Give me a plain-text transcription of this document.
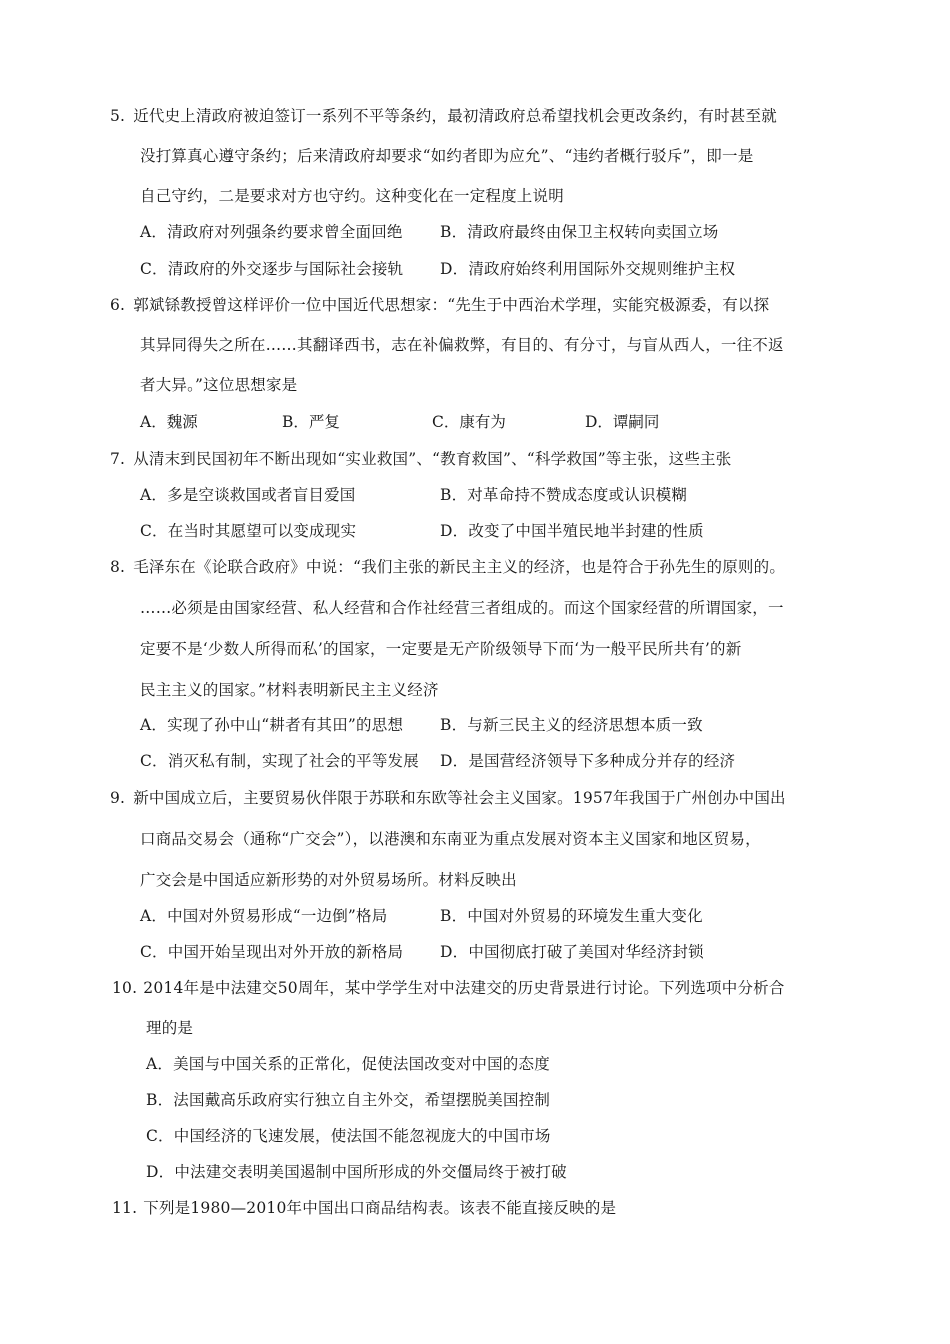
5. 近代史上清政府被迫签订一系列不平等条约，最初清政府总希望找机会更改条约，有时甚至就
没打算真心遵守条约；后来清政府却要求“如约者即为应允”、“违约者概行驳斥”，即一是
自己守约，二是要求对方也守约。这种变化在一定程度上说明
A．清政府对列强条约要求曾全面回绝 B．清政府最终由保卫主权转向卖国立场
C．清政府的外交逐步与国际社会接轨 D．清政府始终利用国际外交规则维护主权
6. 郭斌铩教授曾这样评价一位中国近代思想家：“先生于中西治术学理，实能究极源委，有以探
其异同得失之所在……其翻译西书，志在补偏救弊，有目的、有分寸，与盲从西人，一往不返
者大异。”这位思想家是
A．魏源	B．严复	C．康有为	D．谭嗣同
7. 从清末到民国初年不断出现如“实业救国”、“教育救国”、“科学救国”等主张，这些主张
A．多是空谈救国或者盲目爱国	B．对革命持不赞成态度或认识模糊
C．在当时其愿望可以变成现实	D．改变了中国半殖民地半封建的性质
8. 毛泽东在《论联合政府》中说：“我们主张的新民主主义的经济，也是符合于孙先生的原则的。
……必须是由国家经营、私人经营和合作社经营三者组成的。而这个国家经营的所谓国家，一
定要不是‘少数人所得而私’的国家，一定要是无产阶级领导下而‘为一般平民所共有’的新
民主主义的国家。”材料表明新民主主义经济
A．实现了孙中山“耕者有其田”的思想 B．与新三民主义的经济思想本质一致
C．消灭私有制，实现了社会的平等发展 D．是国营经济领导下多种成分并存的经济
9. 新中国成立后，主要贸易伙伴限于苏联和东欧等社会主义国家。1957年我国于广州创办中国出
口商品交易会（通称“广交会”），以港澳和东南亚为重点发展对资本主义国家和地区贸易，
广交会是中国适应新形势的对外贸易场所。材料反映出
A．中国对外贸易形成“一边倒”格局	B．中国对外贸易的环境发生重大变化
C．中国开始呈现出对外开放的新格局 D．中国彻底打破了美国对华经济封锁
10. 2014年是中法建交50周年，某中学学生对中法建交的历史背景进行讨论。下列选项中分析合
理的是
A．美国与中国关系的正常化，促使法国改变对中国的态度
B．法国戴高乐政府实行独立自主外交，希望摆脱美国控制
C．中国经济的飞速发展，使法国不能忽视庞大的中国市场
D．中法建交表明美国遏制中国所形成的外交僵局终于被打破
11. 下列是1980—2010年中国出口商品结构表。该表不能直接反映的是
